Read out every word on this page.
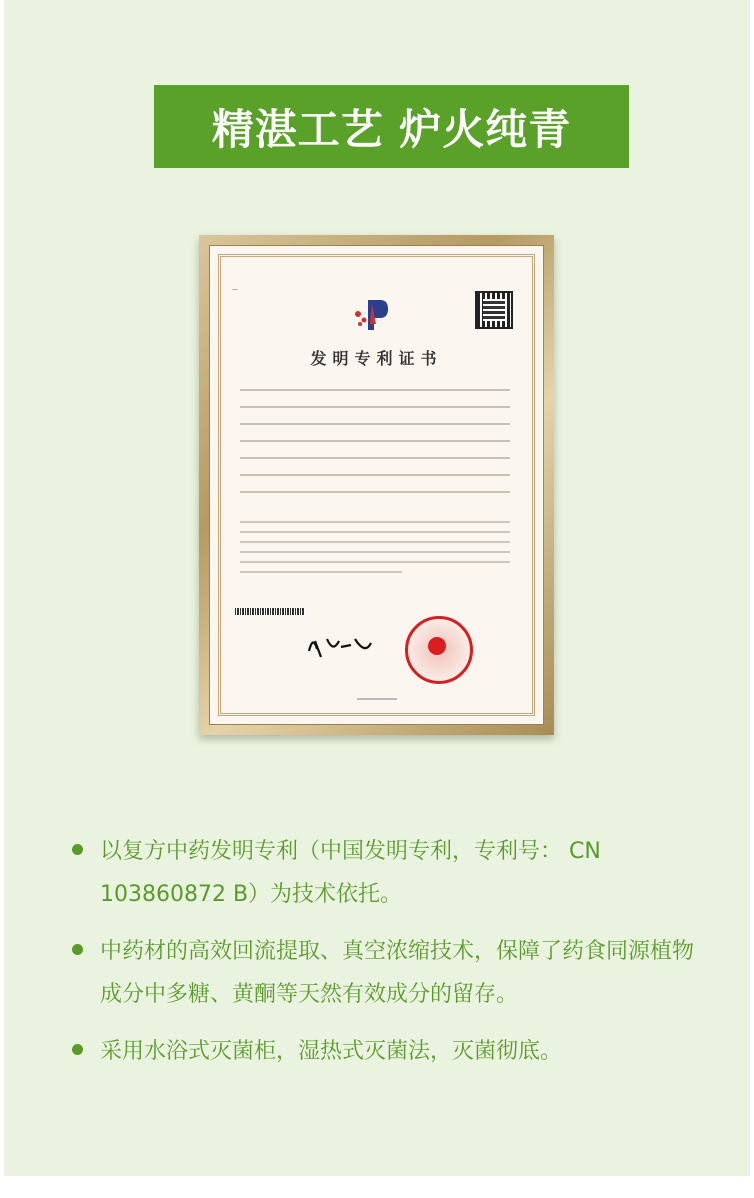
精湛工艺 炉火纯青
—
发明专利证书
以复方中药发明专利（中国发明专利，专利号： CN 103860872 B）为技术依托。
中药材的高效回流提取、真空浓缩技术，保障了药食同源植物成分中多糖、黄酮等天然有效成分的留存。
采用水浴式灭菌柜，湿热式灭菌法，灭菌彻底。
